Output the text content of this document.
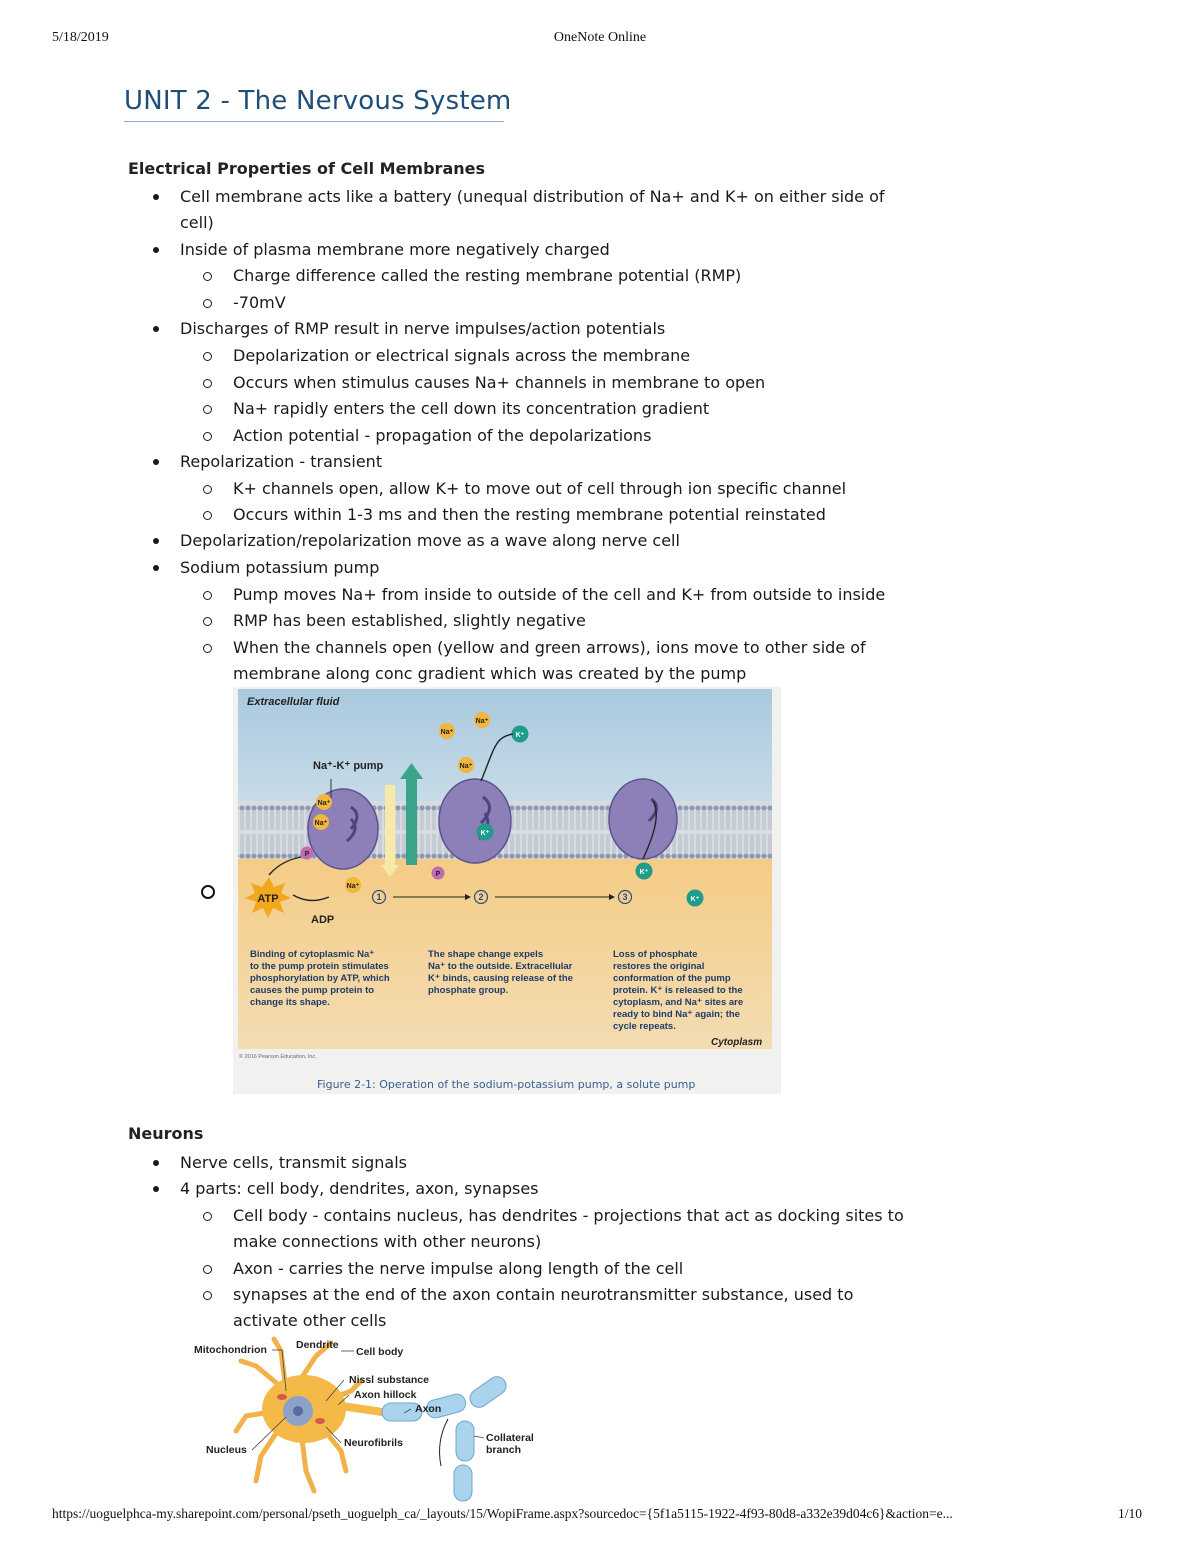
5/18/2019	OneNote Online
UNIT 2 - The Nervous System
Electrical Properties of Cell Membranes

Cell membrane acts like a battery (unequal distribution of Na+ and K+ on either side of

cell)

Inside of plasma membrane more negatively charged

Charge difference called the resting membrane potential (RMP)

-70mV

Discharges of RMP result in nerve impulses/action potentials

Depolarization or electrical signals across the membrane

Occurs when stimulus causes Na+ channels in membrane to open

Na+ rapidly enters the cell down its concentration gradient

Action potential - propagation of the depolarizations

Repolarization - transient

K+ channels open, allow K+ to move out of cell through ion specific channel

Occurs within 1-3 ms and then the resting membrane potential reinstated

Depolarization/repolarization move as a wave along nerve cell

Sodium potassium pump

Pump moves Na+ from inside to outside of the cell and K+ from outside to inside

RMP has been established, slightly negative

When the channels open (yellow and green arrows), ions move to other side of

membrane along conc gradient which was created by the pump

Extracellular fluid
Na⁺-K⁺ pump
Na⁺
Na⁺
Na⁺
Na⁺
Na⁺
Na⁺
K⁺
K⁺
K⁺
K⁺
P
P
ATP
ADP
1	2	3
Binding of cytoplasmic Na⁺
to the pump protein stimulates
phosphorylation by ATP, which
causes the pump protein to
change its shape.
The shape change expels
Na⁺ to the outside. Extracellular
K⁺ binds, causing release of the
phosphate group.
Loss of phosphate
restores the original
conformation of the pump
protein. K⁺ is released to the
cytoplasm, and Na⁺ sites are
ready to bind Na⁺ again; the
cycle repeats.
Cytoplasm
© 2016 Pearson Education, Inc.
Figure 2-1: Operation of the sodium-potassium pump, a solute pump
Neurons

Nerve cells, transmit signals

4 parts: cell body, dendrites, axon, synapses

Cell body - contains nucleus, has dendrites - projections that act as docking sites to

make connections with other neurons)

Axon - carries the nerve impulse along length of the cell

synapses at the end of the axon contain neurotransmitter substance, used to

activate other cells

Mitochondrion	Dendrite
Cell body
Nissl substance
Axon hillock
Axon
Nucleus
Neurofibrils	Collateral
branch
https://uoguelphca-my.sharepoint.com/personal/pseth_uoguelph_ca/_layouts/15/WopiFrame.aspx?sourcedoc={5f1a5115-1922-4f93-80d8-a332e39d04c6}&action=e...	1/10
